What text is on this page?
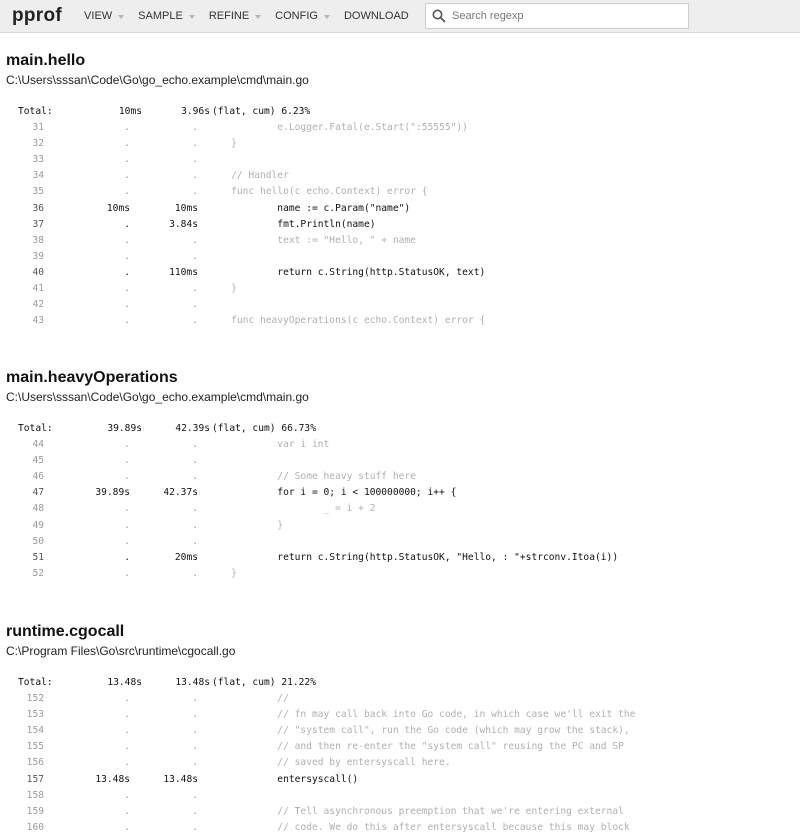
pprof VIEW SAMPLE REFINE CONFIG DOWNLOAD
Search regexp
main.hello
C:\Users\sssan\Code\Go\go_echo.example\cmd\main.go
Total:	10ms	3.96s (flat, cum) 6.23%
31	.	.	e.Logger.Fatal(e.Start(":55555"))
32	.	.	}
33	.	.
34	.	.	// Handler
35	.	.	func hello(c echo.Context) error {
36	10ms	10ms	name := c.Param("name")
37	.	3.84s	fmt.Println(name)
38	.	.	text := "Hello, " + name
39	.	.
40	.	110ms	return c.String(http.StatusOK, text)
41	.	.	}
42	.	.
43	.	.	func heavyOperations(c echo.Context) error {
main.heavyOperations
C:\Users\sssan\Code\Go\go_echo.example\cmd\main.go
Total:	39.89s	42.39s (flat, cum) 66.73%
44	.	.	var i int
45	.	.
46	.	.	// Some heavy stuff here
47	39.89s	42.37s	for i = 0; i < 100000000; i++ {
48	.	.	_ = i + 2
49	.	.	}
50	.	.
51	.	20ms	return c.String(http.StatusOK, "Hello, : "+strconv.Itoa(i))
52	.	.	}
runtime.cgocall
C:\Program Files\Go\src\runtime\cgocall.go
Total:	13.48s	13.48s (flat, cum) 21.22%
152	.	.	//
153	.	.	// fn may call back into Go code, in which case we'll exit the
154	.	.	// "system call", run the Go code (which may grow the stack),
155	.	.	// and then re-enter the "system call" reusing the PC and SP
156	.	.	// saved by entersyscall here.
157	13.48s	13.48s	entersyscall()
158	.	.
159	.	.	// Tell asynchronous preemption that we're entering external
160	.	.	// code. We do this after entersyscall because this may block
